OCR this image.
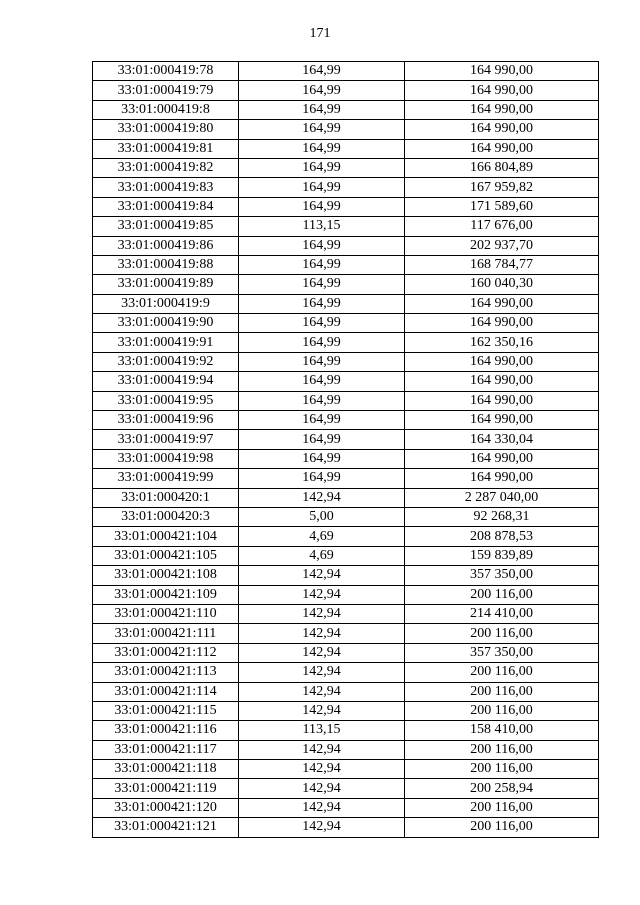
171
33:01:000419:78	164,99	164 990,00
33:01:000419:79	164,99	164 990,00
33:01:000419:8	164,99	164 990,00
33:01:000419:80	164,99	164 990,00
33:01:000419:81	164,99	164 990,00
33:01:000419:82	164,99	166 804,89
33:01:000419:83	164,99	167 959,82
33:01:000419:84	164,99	171 589,60
33:01:000419:85	113,15	117 676,00
33:01:000419:86	164,99	202 937,70
33:01:000419:88	164,99	168 784,77
33:01:000419:89	164,99	160 040,30
33:01:000419:9	164,99	164 990,00
33:01:000419:90	164,99	164 990,00
33:01:000419:91	164,99	162 350,16
33:01:000419:92	164,99	164 990,00
33:01:000419:94	164,99	164 990,00
33:01:000419:95	164,99	164 990,00
33:01:000419:96	164,99	164 990,00
33:01:000419:97	164,99	164 330,04
33:01:000419:98	164,99	164 990,00
33:01:000419:99	164,99	164 990,00
33:01:000420:1	142,94	2 287 040,00
33:01:000420:3	5,00	92 268,31
33:01:000421:104	4,69	208 878,53
33:01:000421:105	4,69	159 839,89
33:01:000421:108	142,94	357 350,00
33:01:000421:109	142,94	200 116,00
33:01:000421:110	142,94	214 410,00
33:01:000421:111	142,94	200 116,00
33:01:000421:112	142,94	357 350,00
33:01:000421:113	142,94	200 116,00
33:01:000421:114	142,94	200 116,00
33:01:000421:115	142,94	200 116,00
33:01:000421:116	113,15	158 410,00
33:01:000421:117	142,94	200 116,00
33:01:000421:118	142,94	200 116,00
33:01:000421:119	142,94	200 258,94
33:01:000421:120	142,94	200 116,00
33:01:000421:121	142,94	200 116,00
